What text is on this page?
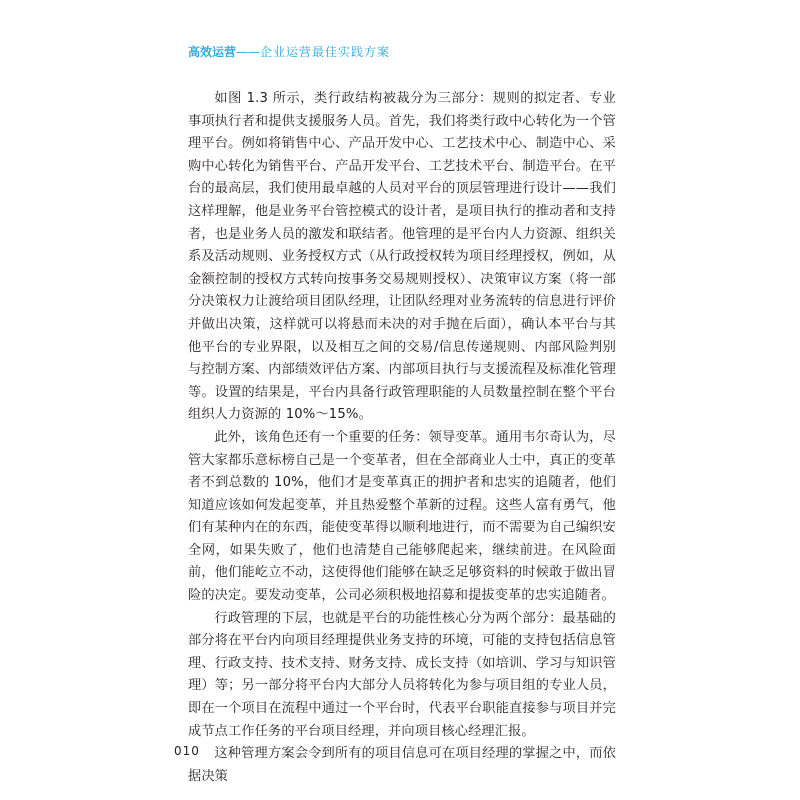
高效运营——企业运营最佳实践方案

如图 1.3 所示，类行政结构被裁分为三部分：规则的拟定者、专业事项执行者和提供支援服务人员。首先，我们将类行政中心转化为一个管理平台。例如将销售中心、产品开发中心、工艺技术中心、制造中心、采购中心转化为销售平台、产品开发平台、工艺技术平台、制造平台。在平台的最高层，我们使用最卓越的人员对平台的顶层管理进行设计——我们这样理解，他是业务平台管控模式的设计者，是项目执行的推动者和支持者，也是业务人员的激发和联结者。他管理的是平台内人力资源、组织关系及活动规则、业务授权方式（从行政授权转为项目经理授权，例如，从金额控制的授权方式转向按事务交易规则授权）、决策审议方案（将一部分决策权力让渡给项目团队经理，让团队经理对业务流转的信息进行评价并做出决策，这样就可以将悬而未决的对手抛在后面），确认本平台与其他平台的专业界限，以及相互之间的交易/信息传递规则、内部风险判别与控制方案、内部绩效评估方案、内部项目执行与支援流程及标准化管理等。设置的结果是，平台内具备行政管理职能的人员数量控制在整个平台组织人力资源的 10%～15%。

此外，该角色还有一个重要的任务：领导变革。通用韦尔奇认为，尽管大家都乐意标榜自己是一个变革者，但在全部商业人士中，真正的变革者不到总数的 10%，他们才是变革真正的拥护者和忠实的追随者，他们知道应该如何发起变革，并且热爱整个革新的过程。这些人富有勇气，他们有某种内在的东西，能使变革得以顺利地进行，而不需要为自己编织安全网，如果失败了，他们也清楚自己能够爬起来，继续前进。在风险面前，他们能屹立不动，这使得他们能够在缺乏足够资料的时候敢于做出冒险的决定。要发动变革，公司必须积极地招募和提拔变革的忠实追随者。

行政管理的下层，也就是平台的功能性核心分为两个部分：最基础的部分将在平台内向项目经理提供业务支持的环境，可能的支持包括信息管理、行政支持、技术支持、财务支持、成长支持（如培训、学习与知识管理）等；另一部分将平台内大部分人员将转化为参与项目组的专业人员，即在一个项目在流程中通过一个平台时，代表平台职能直接参与项目并完成节点工作任务的平台项目经理，并向项目核心经理汇报。

这种管理方案会令到所有的项目信息可在项目经理的掌握之中，而依据决策

010
